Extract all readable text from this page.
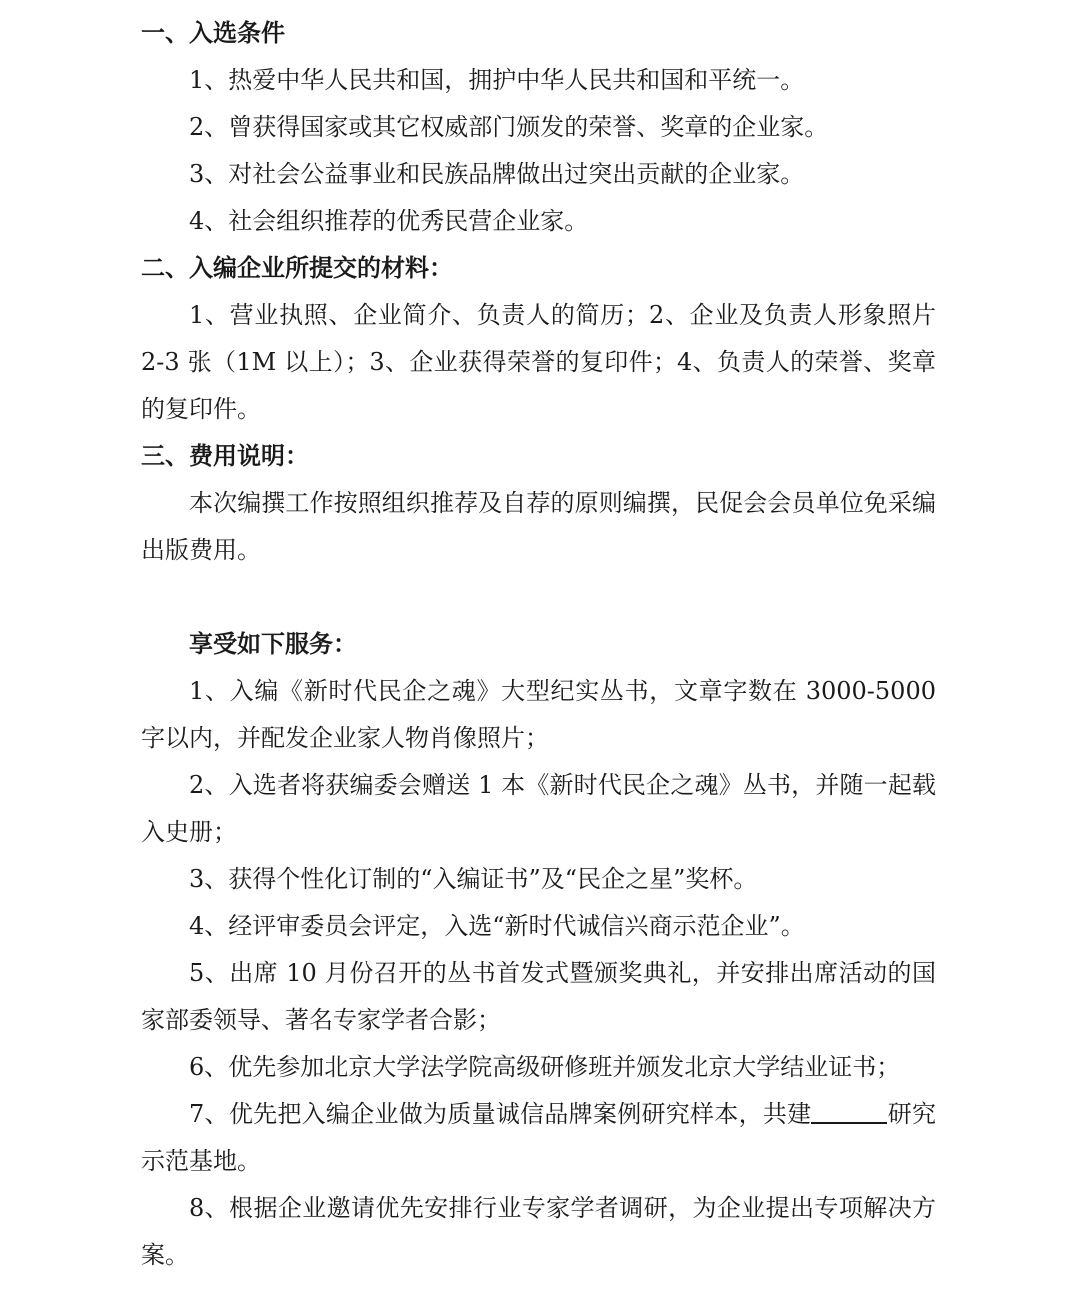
一、入选条件
1、热爱中华人民共和国，拥护中华人民共和国和平统一。
2、曾获得国家或其它权威部门颁发的荣誉、奖章的企业家。
3、对社会公益事业和民族品牌做出过突出贡献的企业家。
4、社会组织推荐的优秀民营企业家。
二、入编企业所提交的材料：

1、营业执照、企业简介、负责人的简历；2、企业及负责人形象照片 2-3 张（1M 以上）；3、企业获得荣誉的复印件；4、负责人的荣誉、奖章的复印件。

三、费用说明：

本次编撰工作按照组织推荐及自荐的原则编撰，民促会会员单位免采编出版费用。

享受如下服务：

1、入编《新时代民企之魂》大型纪实丛书，文章字数在 3000-5000 字以内，并配发企业家人物肖像照片；

2、入选者将获编委会赠送 1 本《新时代民企之魂》丛书，并随一起载入史册；

3、获得个性化订制的“入编证书”及“民企之星”奖杯。
4、经评审委员会评定，入选“新时代诚信兴商示范企业”。

5、出席 10 月份召开的丛书首发式暨颁奖典礼，并安排出席活动的国家部委领导、著名专家学者合影；

6、优先参加北京大学法学院高级研修班并颁发北京大学结业证书；

7、优先把入编企业做为质量诚信品牌案例研究样本，共建	研究示范基地。

8、根据企业邀请优先安排行业专家学者调研，为企业提出专项解决方案。
